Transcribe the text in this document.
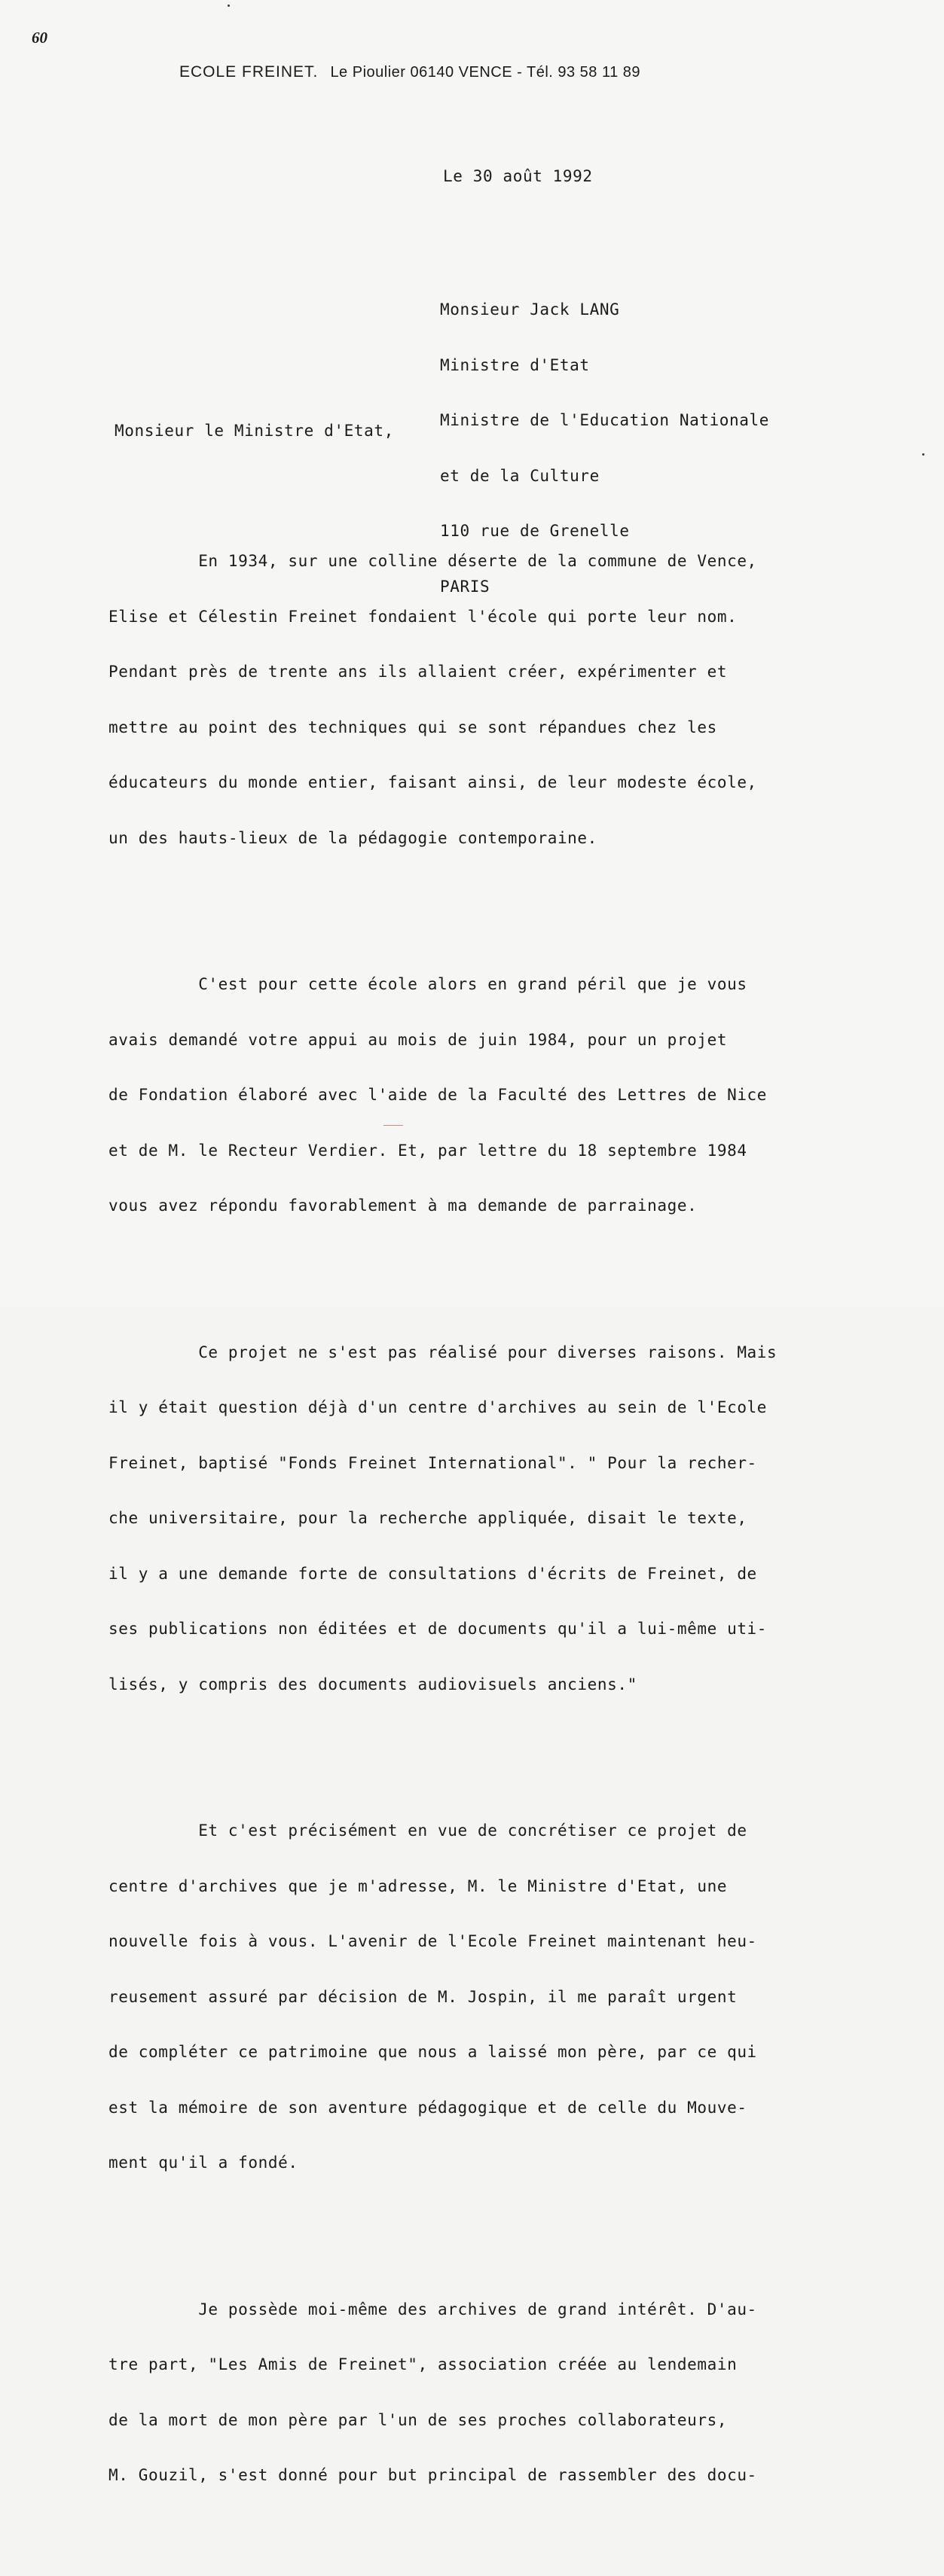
60
ECOLE FREINET. Le Pioulier 06140 VENCE - Tél. 93 58 11 89
Le 30 août 1992

Monsieur Jack LANG

Ministre d'Etat

Ministre de l'Education Nationale

et de la Culture

110 rue de Grenelle

PARIS

Monsieur le Ministre d'Etat,

En 1934, sur une colline déserte de la commune de Vence,

Elise et Célestin Freinet fondaient l'école qui porte leur nom.

Pendant près de trente ans ils allaient créer, expérimenter et

mettre au point des techniques qui se sont répandues chez les

éducateurs du monde entier, faisant ainsi, de leur modeste école,

un des hauts-lieux de la pédagogie contemporaine.

C'est pour cette école alors en grand péril que je vous

avais demandé votre appui au mois de juin 1984, pour un projet

de Fondation élaboré avec l'aide de la Faculté des Lettres de Nice

et de M. le Recteur Verdier. Et, par lettre du 18 septembre 1984

vous avez répondu favorablement à ma demande de parrainage.

Ce projet ne s'est pas réalisé pour diverses raisons. Mais

il y était question déjà d'un centre d'archives au sein de l'Ecole

Freinet, baptisé "Fonds Freinet International". " Pour la recher-

che universitaire, pour la recherche appliquée, disait le texte,

il y a une demande forte de consultations d'écrits de Freinet, de

ses publications non éditées et de documents qu'il a lui-même uti-

lisés, y compris des documents audiovisuels anciens."

Et c'est précisément en vue de concrétiser ce projet de

centre d'archives que je m'adresse, M. le Ministre d'Etat, une

nouvelle fois à vous. L'avenir de l'Ecole Freinet maintenant heu-

reusement assuré par décision de M. Jospin, il me paraît urgent

de compléter ce patrimoine que nous a laissé mon père, par ce qui

est la mémoire de son aventure pédagogique et de celle du Mouve-

ment qu'il a fondé.

Je possède moi-même des archives de grand intérêt. D'au-

tre part, "Les Amis de Freinet", association créée au lendemain

de la mort de mon père par l'un de ses proches collaborateurs,

M. Gouzil, s'est donné pour but principal de rassembler des docu-
